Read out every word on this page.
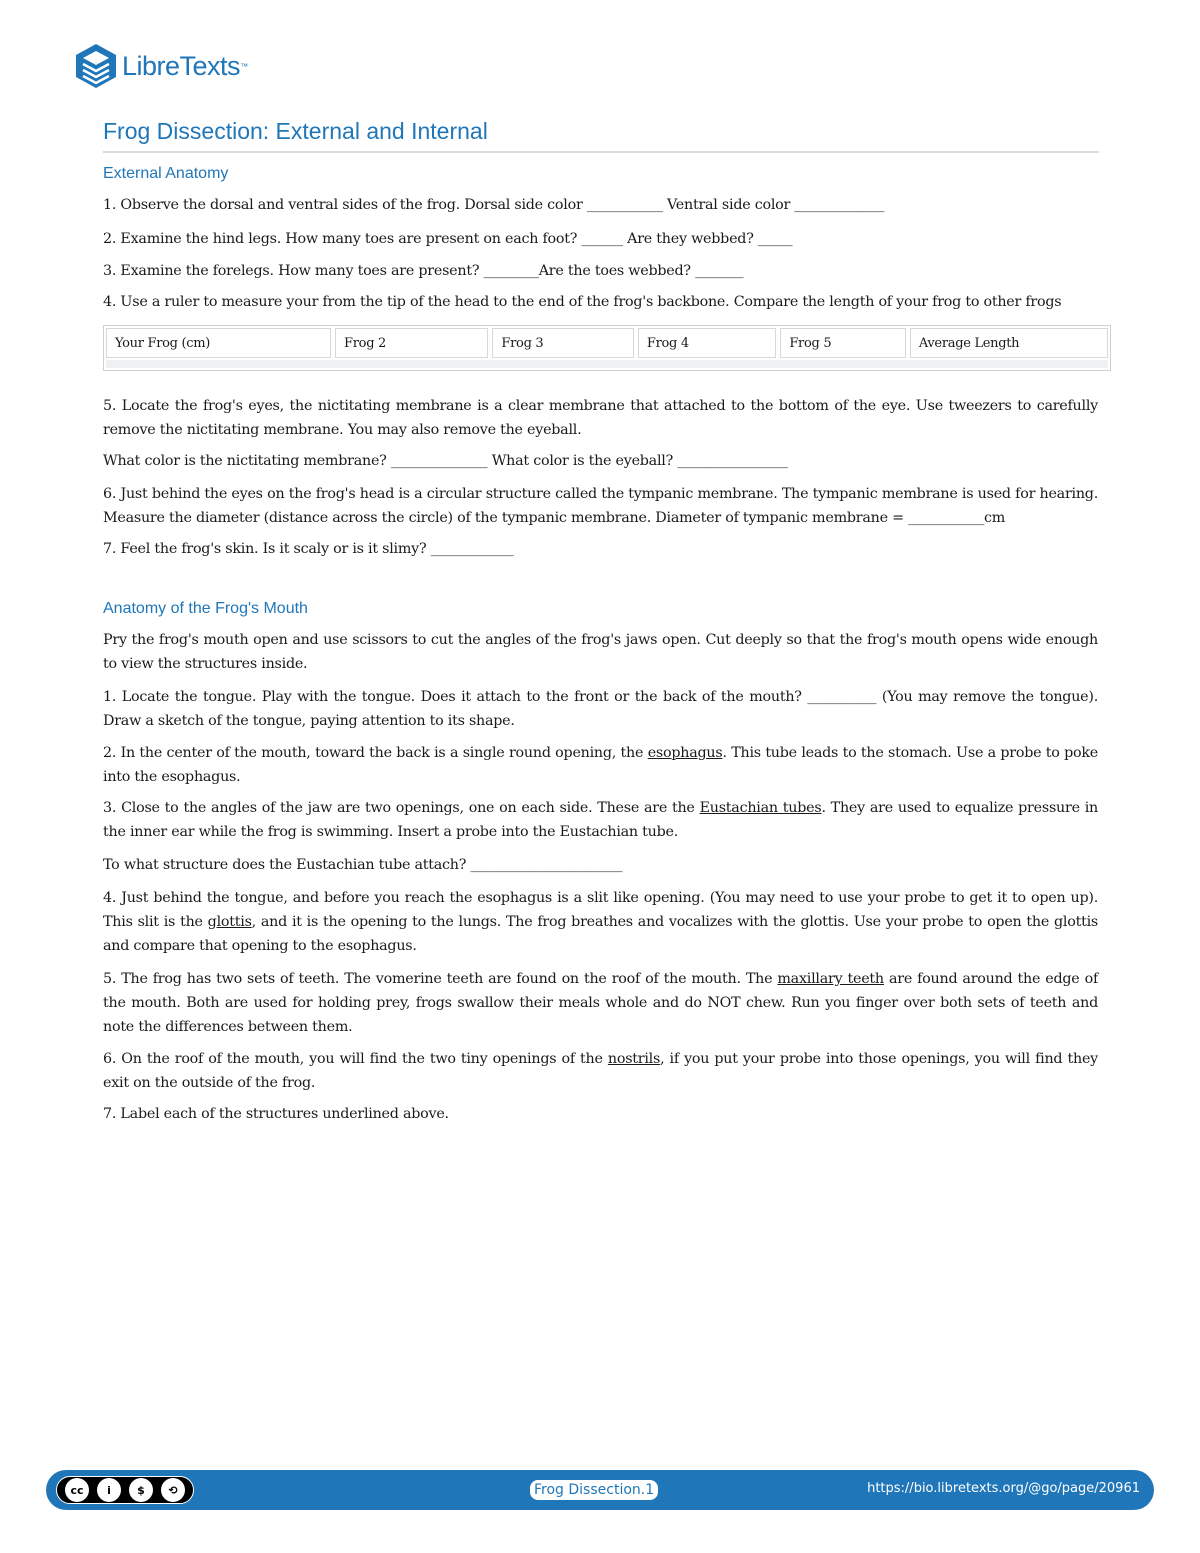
LibreTexts ™
Frog Dissection: External and Internal
External Anatomy

1. Observe the dorsal and ventral sides of the frog. Dorsal side color ___________ Ventral side color _____________

2. Examine the hind legs. How many toes are present on each foot? ______ Are they webbed? _____

3. Examine the forelegs. How many toes are present? ________Are the toes webbed? _______

4. Use a ruler to measure your from the tip of the head to the end of the frog's backbone. Compare the length of your frog to other frogs

Your Frog (cm)	Frog 2	Frog 3	Frog 4	Frog 5	Average Length

5. Locate the frog's eyes, the nictitating membrane is a clear membrane that attached to the bottom of the eye. Use tweezers to carefully remove the nictitating membrane. You may also remove the eyeball.

What color is the nictitating membrane? ______________ What color is the eyeball? ________________

6. Just behind the eyes on the frog's head is a circular structure called the tympanic membrane. The tympanic membrane is used for hearing. Measure the diameter (distance across the circle) of the tympanic membrane. Diameter of tympanic membrane = ___________cm

7. Feel the frog's skin. Is it scaly or is it slimy? ____________

Anatomy of the Frog's Mouth

Pry the frog's mouth open and use scissors to cut the angles of the frog's jaws open. Cut deeply so that the frog's mouth opens wide enough to view the structures inside.

1. Locate the tongue. Play with the tongue. Does it attach to the front or the back of the mouth? __________ (You may remove the tongue). Draw a sketch of the tongue, paying attention to its shape.

2. In the center of the mouth, toward the back is a single round opening, the esophagus. This tube leads to the stomach. Use a probe to poke into the esophagus.

3. Close to the angles of the jaw are two openings, one on each side. These are the Eustachian tubes. They are used to equalize pressure in the inner ear while the frog is swimming. Insert a probe into the Eustachian tube.

To what structure does the Eustachian tube attach? ______________________

4. Just behind the tongue, and before you reach the esophagus is a slit like opening. (You may need to use your probe to get it to open up). This slit is the glottis, and it is the opening to the lungs. The frog breathes and vocalizes with the glottis. Use your probe to open the glottis and compare that opening to the esophagus.

5. The frog has two sets of teeth. The vomerine teeth are found on the roof of the mouth. The maxillary teeth are found around the edge of the mouth. Both are used for holding prey, frogs swallow their meals whole and do NOT chew. Run you finger over both sets of teeth and note the differences between them.

6. On the roof of the mouth, you will find the two tiny openings of the nostrils, if you put your probe into those openings, you will find they exit on the outside of the frog.

7. Label each of the structures underlined above.

cc	i	$	⟲	Frog Dissection.1	https://bio.libretexts.org/@go/page/20961
